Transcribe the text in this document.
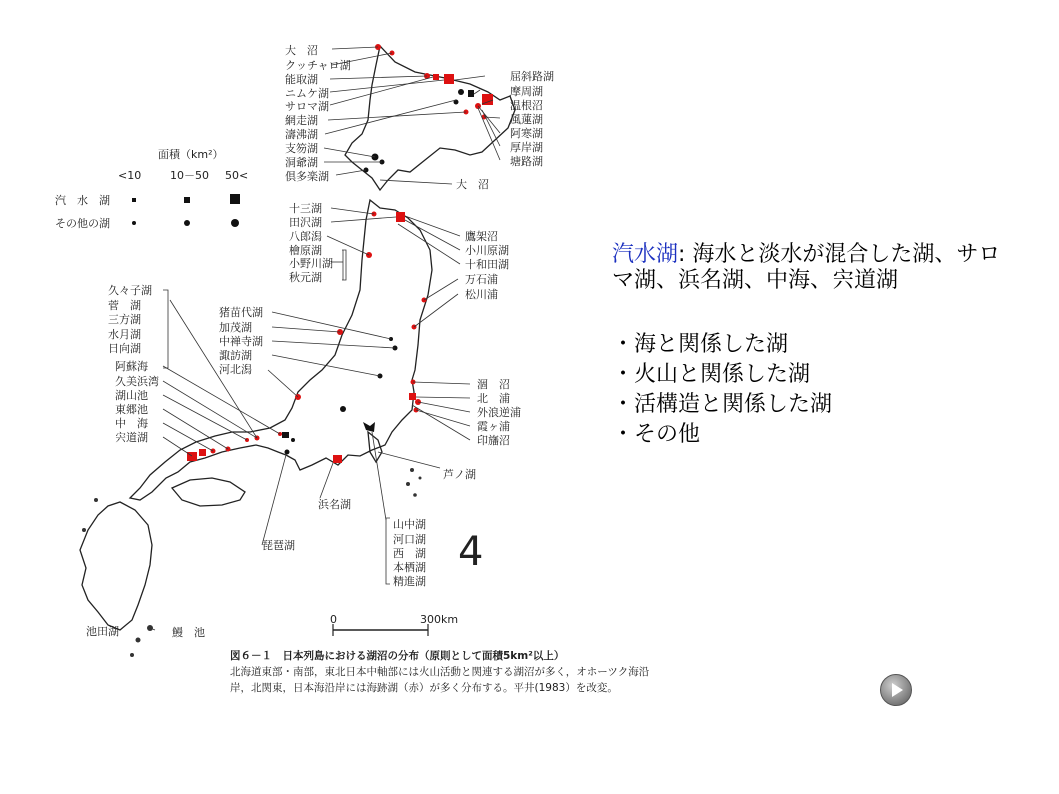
面積（km²）
<10	10－50 50<
汽　水　湖
その他の湖
大　沼
クッチャロ湖
能取湖
ニムケ湖
サロマ湖
網走湖
濤沸湖
支笏湖
洞爺湖
倶多楽湖
屈斜路湖
摩周湖
温根沼
風蓮湖
阿寒湖
厚岸湖
塘路湖
大　沼
十三湖
田沢湖
八郎潟
檜原湖
小野川湖
秋元湖
鷹架沼
小川原湖
十和田湖
万石浦
松川浦
猪苗代湖
加茂湖
中禅寺湖
諏訪湖
河北潟
久々子湖
菅　湖
三方湖
水月湖
日向湖
阿蘇海
久美浜湾
湖山池
東郷池
中　海
宍道湖
涸　沼
北　浦
外浪逆浦
霞ヶ浦
印旛沼
芦ノ湖
浜名湖
山中湖
河口湖
西　湖
本栖湖
精進湖
琵琶湖
池田湖	鰻　池
0	300km
4
図６－１　日本列島における湖沼の分布（原則として面積5km²以上）
北海道東部・南部，東北日本中軸部には火山活動と関連する湖沼が多く，オホーツク海沿岸，北関東，日本海沿岸には海跡湖（赤）が多く分布する。平井(1983）を改変。
汽水湖: 海水と淡水が混合した湖、サロマ湖、浜名湖、中海、宍道湖
・ 海と関係した湖
・ 火山と関係した湖
・ 活構造と関係した湖
・ その他
